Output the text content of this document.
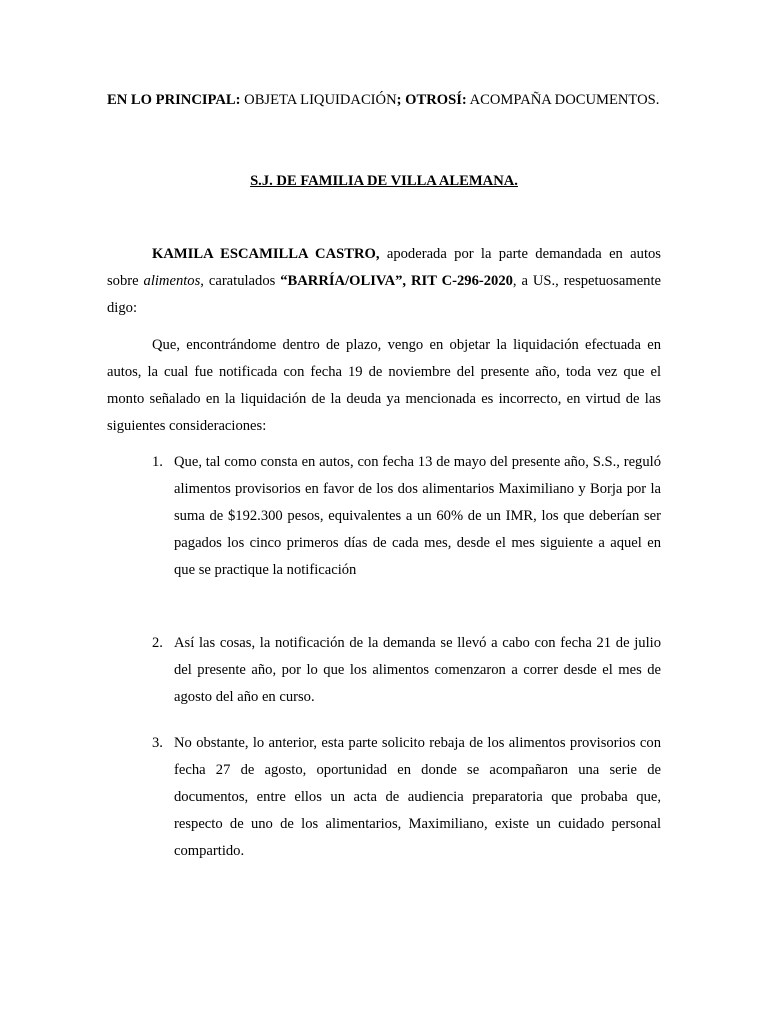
EN LO PRINCIPAL: OBJETA LIQUIDACIÓN; OTROSÍ: ACOMPAÑA DOCUMENTOS.

S.J. DE FAMILIA DE VILLA ALEMANA.

KAMILA ESCAMILLA CASTRO, apoderada por la parte demandada en autos sobre alimentos, caratulados “BARRÍA/OLIVA”, RIT C-296-2020, a US., respetuosamente digo:

Que, encontrándome dentro de plazo, vengo en objetar la liquidación efectuada en autos, la cual fue notificada con fecha 19 de noviembre del presente año, toda vez que el monto señalado en la liquidación de la deuda ya mencionada es incorrecto, en virtud de las siguientes consideraciones:

1. Que, tal como consta en autos, con fecha 13 de mayo del presente año, S.S., reguló alimentos provisorios en favor de los dos alimentarios Maximiliano y Borja por la suma de $192.300 pesos, equivalentes a un 60% de un IMR, los que deberían ser pagados los cinco primeros días de cada mes, desde el mes siguiente a aquel en que se practique la notificación

2. Así las cosas, la notificación de la demanda se llevó a cabo con fecha 21 de julio del presente año, por lo que los alimentos comenzaron a correr desde el mes de agosto del año en curso.

3. No obstante, lo anterior, esta parte solicito rebaja de los alimentos provisorios con fecha 27 de agosto, oportunidad en donde se acompañaron una serie de documentos, entre ellos un acta de audiencia preparatoria que probaba que, respecto de uno de los alimentarios, Maximiliano, existe un cuidado personal compartido.
